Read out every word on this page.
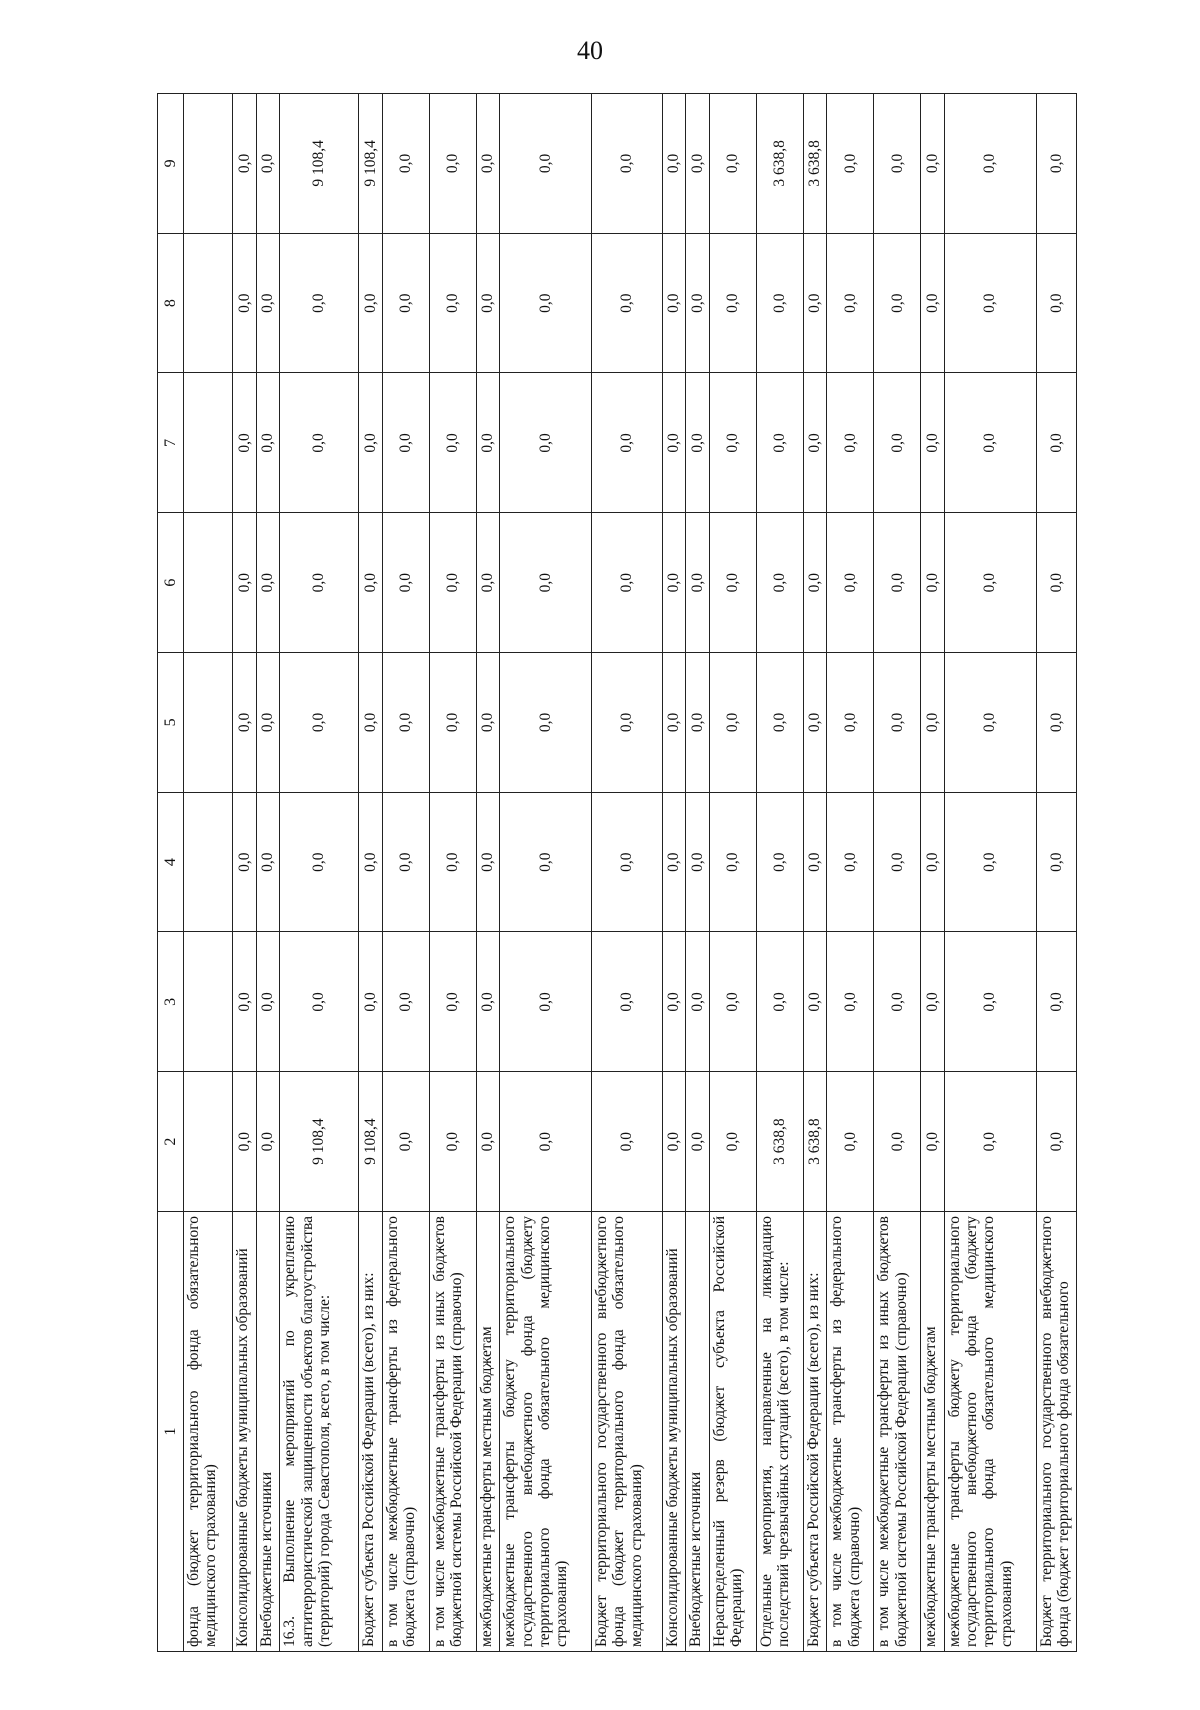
40
1	2	3	4	5	6	7	8	9
фонда (бюджет территориального фонда обязательного медицинского страхования)								
Консолидированные бюджеты муниципальных образований	0,0	0,0	0,0	0,0	0,0	0,0	0,0	0,0
Внебюджетные источники	0,0	0,0	0,0	0,0	0,0	0,0	0,0	0,0
16.3. Выполнение мероприятий по укреплению антитеррористической защищенности объектов благоустройства (территорий) города Севастополя, всего, в том числе:	9 108,4	0,0	0,0	0,0	0,0	0,0	0,0	9 108,4
Бюджет субъекта Российской Федерации (всего), из них:	9 108,4	0,0	0,0	0,0	0,0	0,0	0,0	9 108,4
в том числе межбюджетные трансферты из федерального бюджета (справочно)	0,0	0,0	0,0	0,0	0,0	0,0	0,0	0,0
в том числе межбюджетные трансферты из иных бюджетов бюджетной системы Российской Федерации (справочно)	0,0	0,0	0,0	0,0	0,0	0,0	0,0	0,0
межбюджетные трансферты местным бюджетам	0,0	0,0	0,0	0,0	0,0	0,0	0,0	0,0
межбюджетные трансферты бюджету территориального государственного внебюджетного фонда (бюджету территориального фонда обязательного медицинского страхования)	0,0	0,0	0,0	0,0	0,0	0,0	0,0	0,0
Бюджет территориального государственного внебюджетного фонда (бюджет территориального фонда обязательного медицинского страхования)	0,0	0,0	0,0	0,0	0,0	0,0	0,0	0,0
Консолидированные бюджеты муниципальных образований	0,0	0,0	0,0	0,0	0,0	0,0	0,0	0,0
Внебюджетные источники	0,0	0,0	0,0	0,0	0,0	0,0	0,0	0,0
Нераспределенный резерв (бюджет субъекта Российской Федерации)	0,0	0,0	0,0	0,0	0,0	0,0	0,0	0,0
Отдельные мероприятия, направленные на ликвидацию последствий чрезвычайных ситуаций (всего), в том числе:	3 638,8	0,0	0,0	0,0	0,0	0,0	0,0	3 638,8
Бюджет субъекта Российской Федерации (всего), из них:	3 638,8	0,0	0,0	0,0	0,0	0,0	0,0	3 638,8
в том числе межбюджетные трансферты из федерального бюджета (справочно)	0,0	0,0	0,0	0,0	0,0	0,0	0,0	0,0
в том числе межбюджетные трансферты из иных бюджетов бюджетной системы Российской Федерации (справочно)	0,0	0,0	0,0	0,0	0,0	0,0	0,0	0,0
межбюджетные трансферты местным бюджетам	0,0	0,0	0,0	0,0	0,0	0,0	0,0	0,0
межбюджетные трансферты бюджету территориального государственного внебюджетного фонда (бюджету территориального фонда обязательного медицинского страхования)	0,0	0,0	0,0	0,0	0,0	0,0	0,0	0,0
Бюджет территориального государственного внебюджетного фонда (бюджет территориального фонда обязательного	0,0	0,0	0,0	0,0	0,0	0,0	0,0	0,0
